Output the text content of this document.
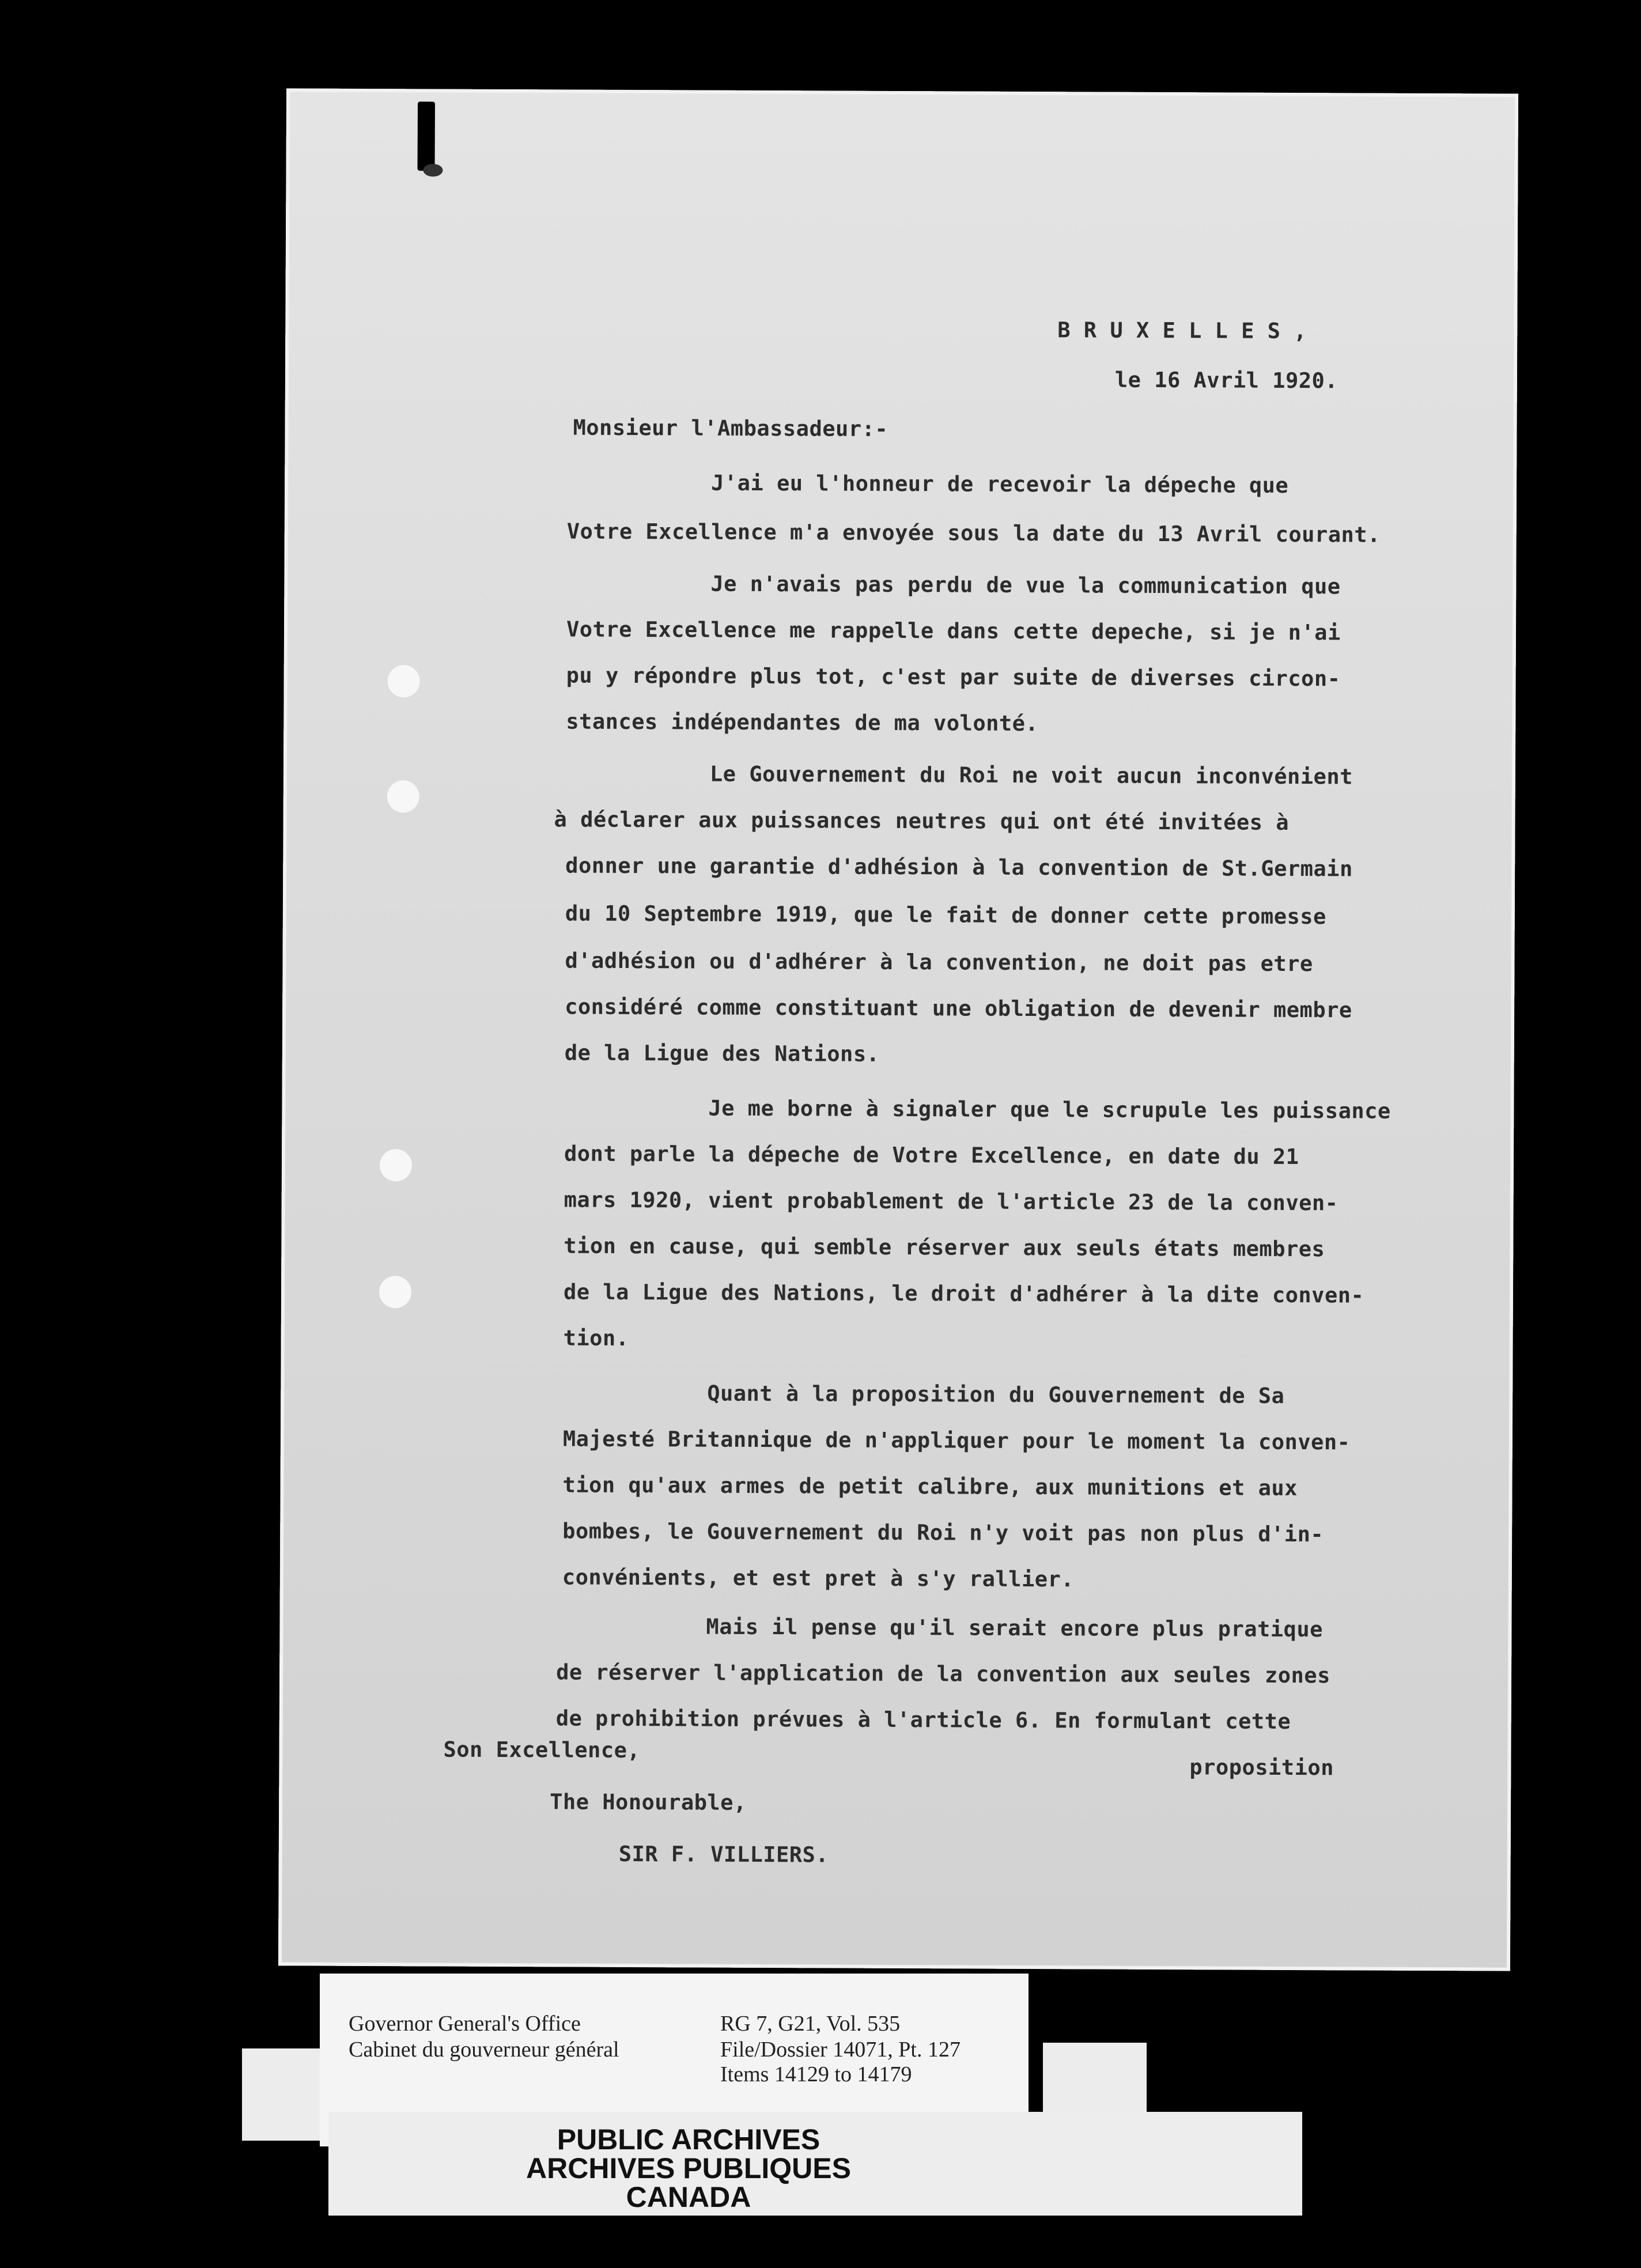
B R U X E L L E S ,
le 16 Avril 1920.
Monsieur l'Ambassadeur:-
J'ai eu l'honneur de recevoir la dépeche que
Votre Excellence m'a envoyée sous la date du 13 Avril courant.
Je n'avais pas perdu de vue la communication que
Votre Excellence me rappelle dans cette depeche, si je n'ai
pu y répondre plus tot, c'est par suite de diverses circon-
stances indépendantes de ma volonté.
Le Gouvernement du Roi ne voit aucun inconvénient
à déclarer aux puissances neutres qui ont été invitées à
donner une garantie d'adhésion à la convention de St.Germain
du 10 Septembre 1919, que le fait de donner cette promesse
d'adhésion ou d'adhérer à la convention, ne doit pas etre
considéré comme constituant une obligation de devenir membre
de la Ligue des Nations.
Je me borne à signaler que le scrupule les puissance
dont parle la dépeche de Votre Excellence, en date du 21
mars 1920, vient probablement de l'article 23 de la conven-
tion en cause, qui semble réserver aux seuls états membres
de la Ligue des Nations, le droit d'adhérer à la dite conven-
tion.
Quant à la proposition du Gouvernement de Sa
Majesté Britannique de n'appliquer pour le moment la conven-
tion qu'aux armes de petit calibre, aux munitions et aux
bombes, le Gouvernement du Roi n'y voit pas non plus d'in-
convénients, et est pret à s'y rallier.
Mais il pense qu'il serait encore plus pratique
de réserver l'application de la convention aux seules zones
de prohibition prévues à l'article 6. En formulant cette
proposition
Son Excellence,
The Honourable,
SIR F. VILLIERS.
Governor General's Office
Cabinet du gouverneur général
RG 7, G21, Vol. 535
File/Dossier 14071, Pt. 127
Items 14129 to 14179
PUBLIC ARCHIVES
ARCHIVES PUBLIQUES
CANADA
